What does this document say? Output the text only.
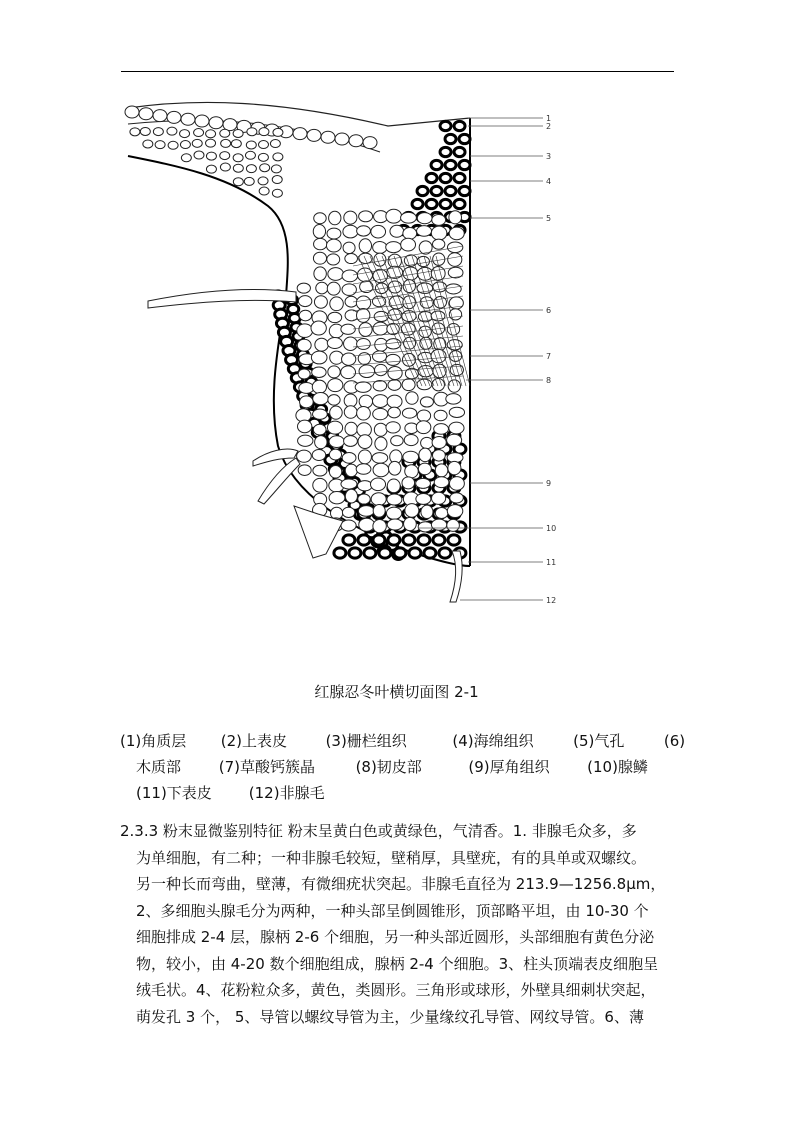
1
2
3
4
5
6
7
8
9
10
11
12
红腺忍冬叶横切面图 2-1
(1)角质层 (2)上表皮	(3)栅栏组织	(4)海绵组织	(5)气孔	(6)
木质部	(7)草酸钙簇晶	(8)韧皮部	(9)厚角组织	(10)腺鳞
(11)下表皮 (12)非腺毛
2.3.3 粉末显微鉴别特征 粉末呈黄白色或黄绿色，气清香。1. 非腺毛众多，多
为单细胞，有二种；一种非腺毛较短，壁稍厚，具壁疣，有的具单或双螺纹。
另一种长而弯曲，壁薄，有微细疣状突起。非腺毛直径为 213.9—1256.8μm，
2、多细胞头腺毛分为两种，一种头部呈倒圆锥形，顶部略平坦，由 10-30 个
细胞排成 2-4 层，腺柄 2-6 个细胞，另一种头部近圆形，头部细胞有黄色分泌
物，较小，由 4-20 数个细胞组成，腺柄 2-4 个细胞。3、柱头顶端表皮细胞呈
绒毛状。4、花粉粒众多，黄色，类圆形。三角形或球形，外壁具细刺状突起，
萌发孔 3 个， 5、导管以螺纹导管为主，少量缘纹孔导管、网纹导管。6、薄
